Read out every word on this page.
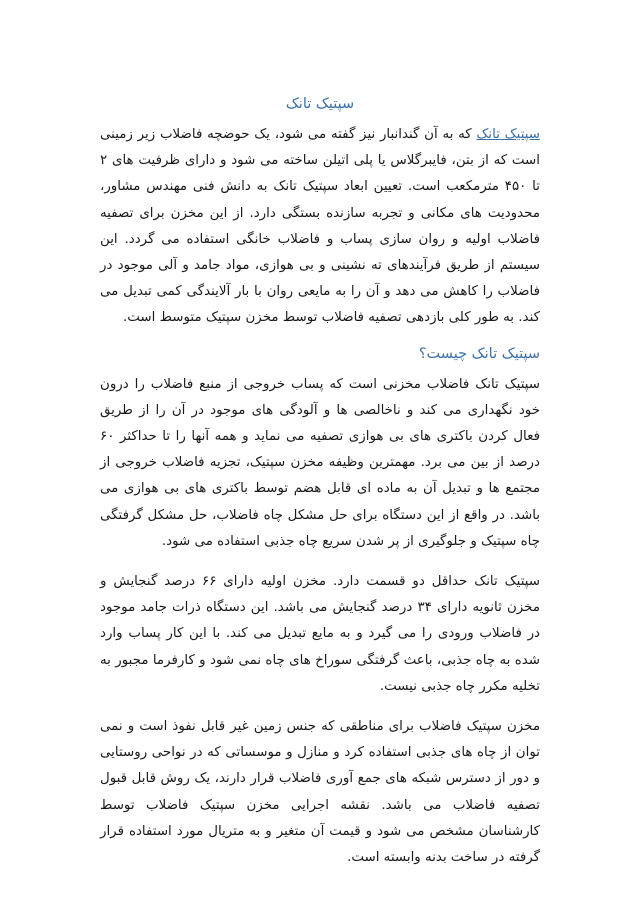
سپتیک تانک

سپتیک تانک که به آن گندانبار نیز گفته می شود، یک حوضچه فاضلاب زیر زمینی است که از بتن، فایبرگلاس یا پلی اتیلن ساخته می شود و دارای ظرفیت های ۲ تا ۴۵۰ مترمکعب است. تعیین ابعاد سپتیک تانک به دانش فنی مهندس مشاور، محدودیت های مکانی و تجربه سازنده بستگی دارد. از این مخزن برای تصفیه فاضلاب اولیه و روان سازی پساب و فاضلاب خانگی استفاده می گردد. این سیستم از طریق فرآیندهای ته نشینی و بی هوازی، مواد جامد و آلی موجود در فاضلاب را کاهش می دهد و آن را به مایعی روان با بار آلایندگی کمی تبدیل می کند. به طور کلی بازدهی تصفیه فاضلاب توسط مخزن سپتیک متوسط است.

سپتیک تانک چیست؟

سپتیک تانک فاضلاب مخزنی است که پساب خروجی از منبع فاضلاب را درون خود نگهداری می کند و ناخالصی ها و آلودگی های موجود در آن را از طریق فعال کردن باکتری های بی هوازی تصفیه می نماید و همه آنها را تا حداکثر ۶۰ درصد از بین می برد. مهمترین وظیفه مخزن سپتیک، تجزیه فاضلاب خروجی از مجتمع ها و تبدیل آن به ماده ای قابل هضم توسط باکتری های بی هوازی می باشد. در واقع از این دستگاه برای حل مشکل چاه فاضلاب، حل مشکل گرفتگی چاه سپتیک و جلوگیری از پر شدن سریع چاه جذبی استفاده می شود.

سپتیک تانک حداقل دو قسمت دارد. مخزن اولیه دارای ۶۶ درصد گنجایش و مخزن ثانویه دارای ۳۴ درصد گنجایش می باشد. این دستگاه ذرات جامد موجود در فاضلاب ورودی را می گیرد و به مایع تبدیل می کند. با این کار پساب وارد شده به چاه جذبی، باعث گرفتگی سوراخ های چاه نمی شود و کارفرما مجبور به تخلیه مکرر چاه جذبی نیست.

مخزن سپتیک فاضلاب برای مناطقی که جنس زمین غیر قابل نفوذ است و نمی توان از چاه های جذبی استفاده کرد و منازل و موسساتی که در نواحی روستایی و دور از دسترس شبکه های جمع آوری فاضلاب قرار دارند، یک روش قابل قبول تصفیه فاضلاب می باشد. نقشه اجرایی مخزن سپتیک فاضلاب توسط کارشناسان مشخص می شود و قیمت آن متغیر و به متریال مورد استفاده قرار گرفته در ساخت بدنه وابسته است.
